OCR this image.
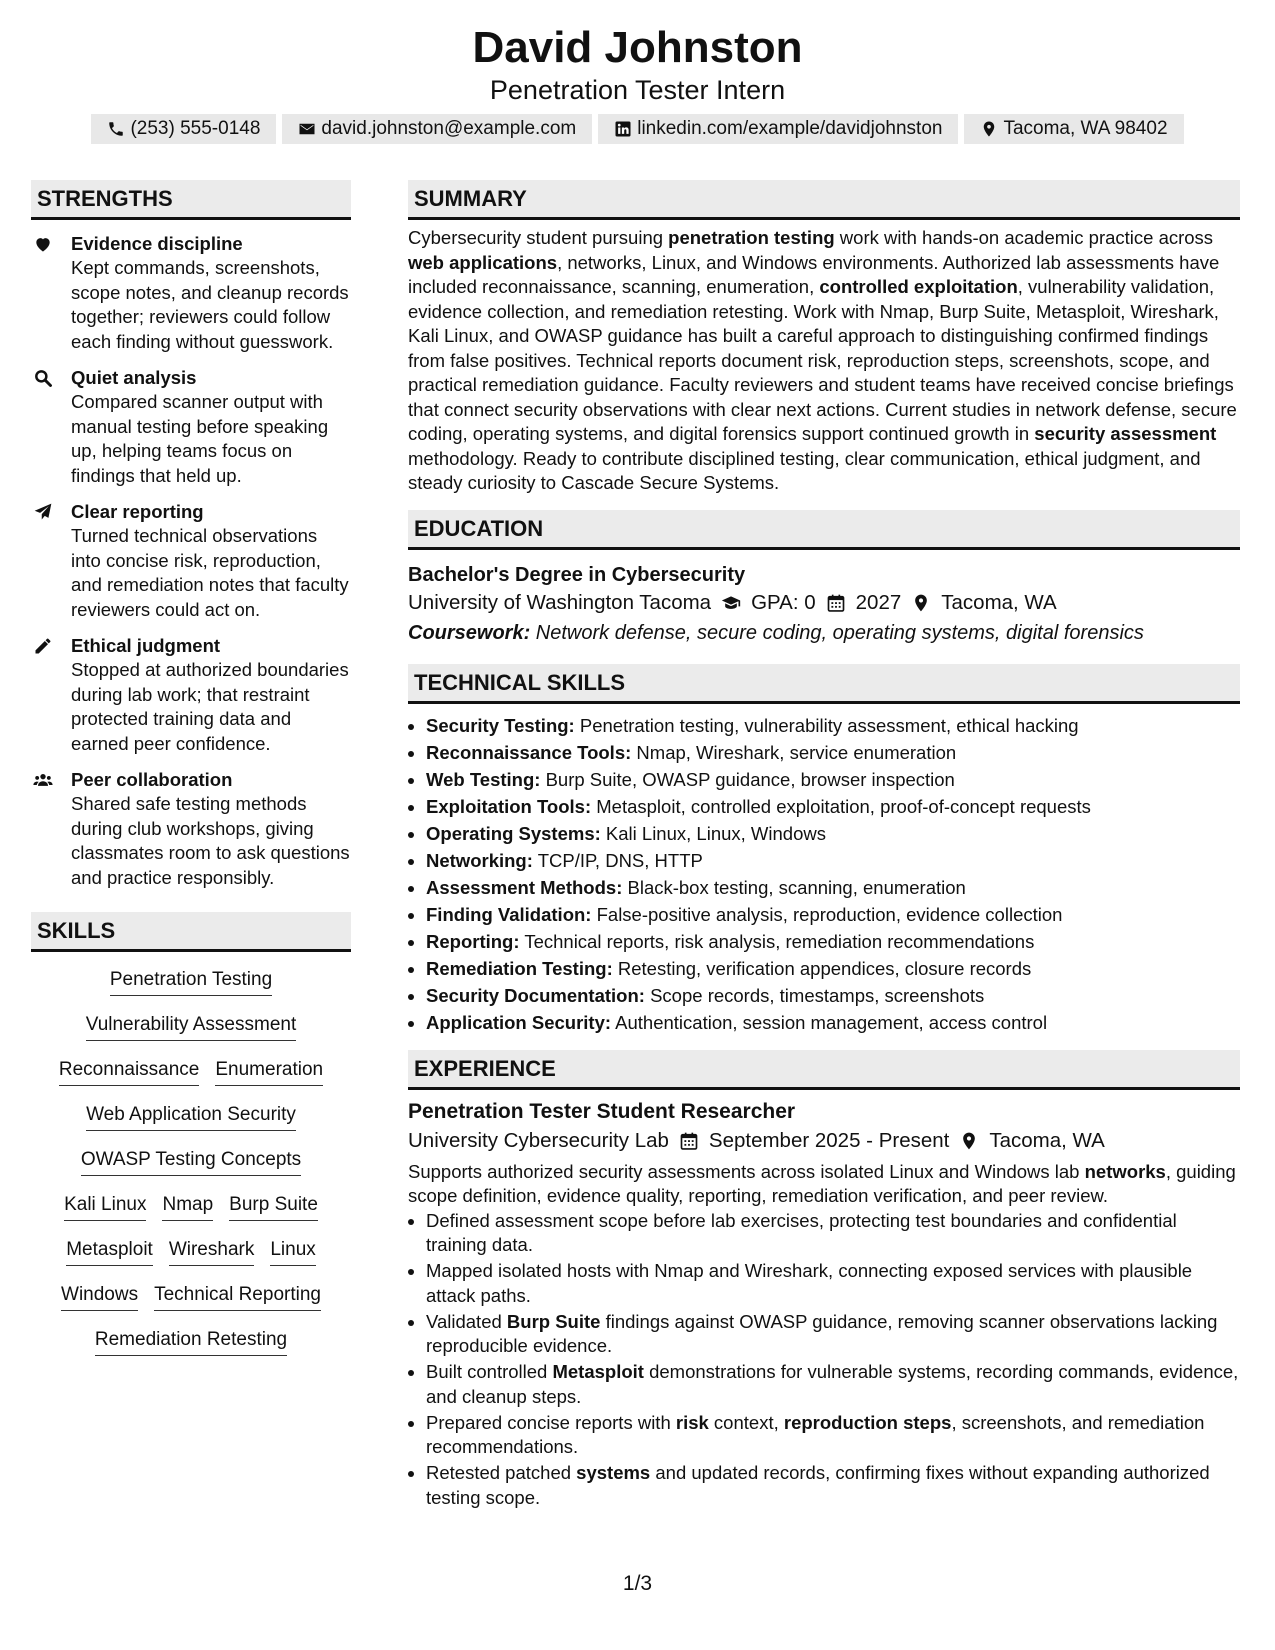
David Johnston
Penetration Tester Intern
(253) 555-0148	david.johnston@example.com	linkedin.com/example/davidjohnston	Tacoma, WA 98402
STRENGTHS
Evidence discipline
Kept commands, screenshots, scope notes, and cleanup records together; reviewers could follow each finding without guesswork.
Quiet analysis
Compared scanner output with manual testing before speaking up, helping teams focus on findings that held up.
Clear reporting
Turned technical observations into concise risk, reproduction, and remediation notes that faculty reviewers could act on.
Ethical judgment
Stopped at authorized boundaries during lab work; that restraint protected training data and earned peer confidence.
Peer collaboration
Shared safe testing methods during club workshops, giving classmates room to ask questions and practice responsibly.
SKILLS
Penetration Testing
Vulnerability Assessment
Reconnaissance Enumeration
Web Application Security
OWASP Testing Concepts
Kali Linux Nmap Burp Suite
Metasploit Wireshark Linux
Windows Technical Reporting
Remediation Retesting
SUMMARY
Cybersecurity student pursuing penetration testing work with hands-on academic practice across web applications, networks, Linux, and Windows environments. Authorized lab assessments have included reconnaissance, scanning, enumeration, controlled exploitation, vulnerability validation, evidence collection, and remediation retesting. Work with Nmap, Burp Suite, Metasploit, Wireshark, Kali Linux, and OWASP guidance has built a careful approach to distinguishing confirmed findings from false positives. Technical reports document risk, reproduction steps, screenshots, scope, and practical remediation guidance. Faculty reviewers and student teams have received concise briefings that connect security observations with clear next actions. Current studies in network defense, secure coding, operating systems, and digital forensics support continued growth in security assessment methodology. Ready to contribute disciplined testing, clear communication, ethical judgment, and steady curiosity to Cascade Secure Systems.
EDUCATION
Bachelor's Degree in Cybersecurity
University of Washington Tacoma GPA: 0 2027 Tacoma, WA
Coursework: Network defense, secure coding, operating systems, digital forensics
TECHNICAL SKILLS
• Security Testing: Penetration testing, vulnerability assessment, ethical hacking
• Reconnaissance Tools: Nmap, Wireshark, service enumeration
• Web Testing: Burp Suite, OWASP guidance, browser inspection
• Exploitation Tools: Metasploit, controlled exploitation, proof-of-concept requests
• Operating Systems: Kali Linux, Linux, Windows
• Networking: TCP/IP, DNS, HTTP
• Assessment Methods: Black-box testing, scanning, enumeration
• Finding Validation: False-positive analysis, reproduction, evidence collection
• Reporting: Technical reports, risk analysis, remediation recommendations
• Remediation Testing: Retesting, verification appendices, closure records
• Security Documentation: Scope records, timestamps, screenshots
• Application Security: Authentication, session management, access control
EXPERIENCE
Penetration Tester Student Researcher
University Cybersecurity Lab September 2025 - Present Tacoma, WA
Supports authorized security assessments across isolated Linux and Windows lab networks, guiding scope definition, evidence quality, reporting, remediation verification, and peer review.
• Defined assessment scope before lab exercises, protecting test boundaries and confidential training data.
• Mapped isolated hosts with Nmap and Wireshark, connecting exposed services with plausible attack paths.
• Validated Burp Suite findings against OWASP guidance, removing scanner observations lacking reproducible evidence.
• Built controlled Metasploit demonstrations for vulnerable systems, recording commands, evidence, and cleanup steps.
• Prepared concise reports with risk context, reproduction steps, screenshots, and remediation recommendations.
• Retested patched systems and updated records, confirming fixes without expanding authorized testing scope.
1/3
